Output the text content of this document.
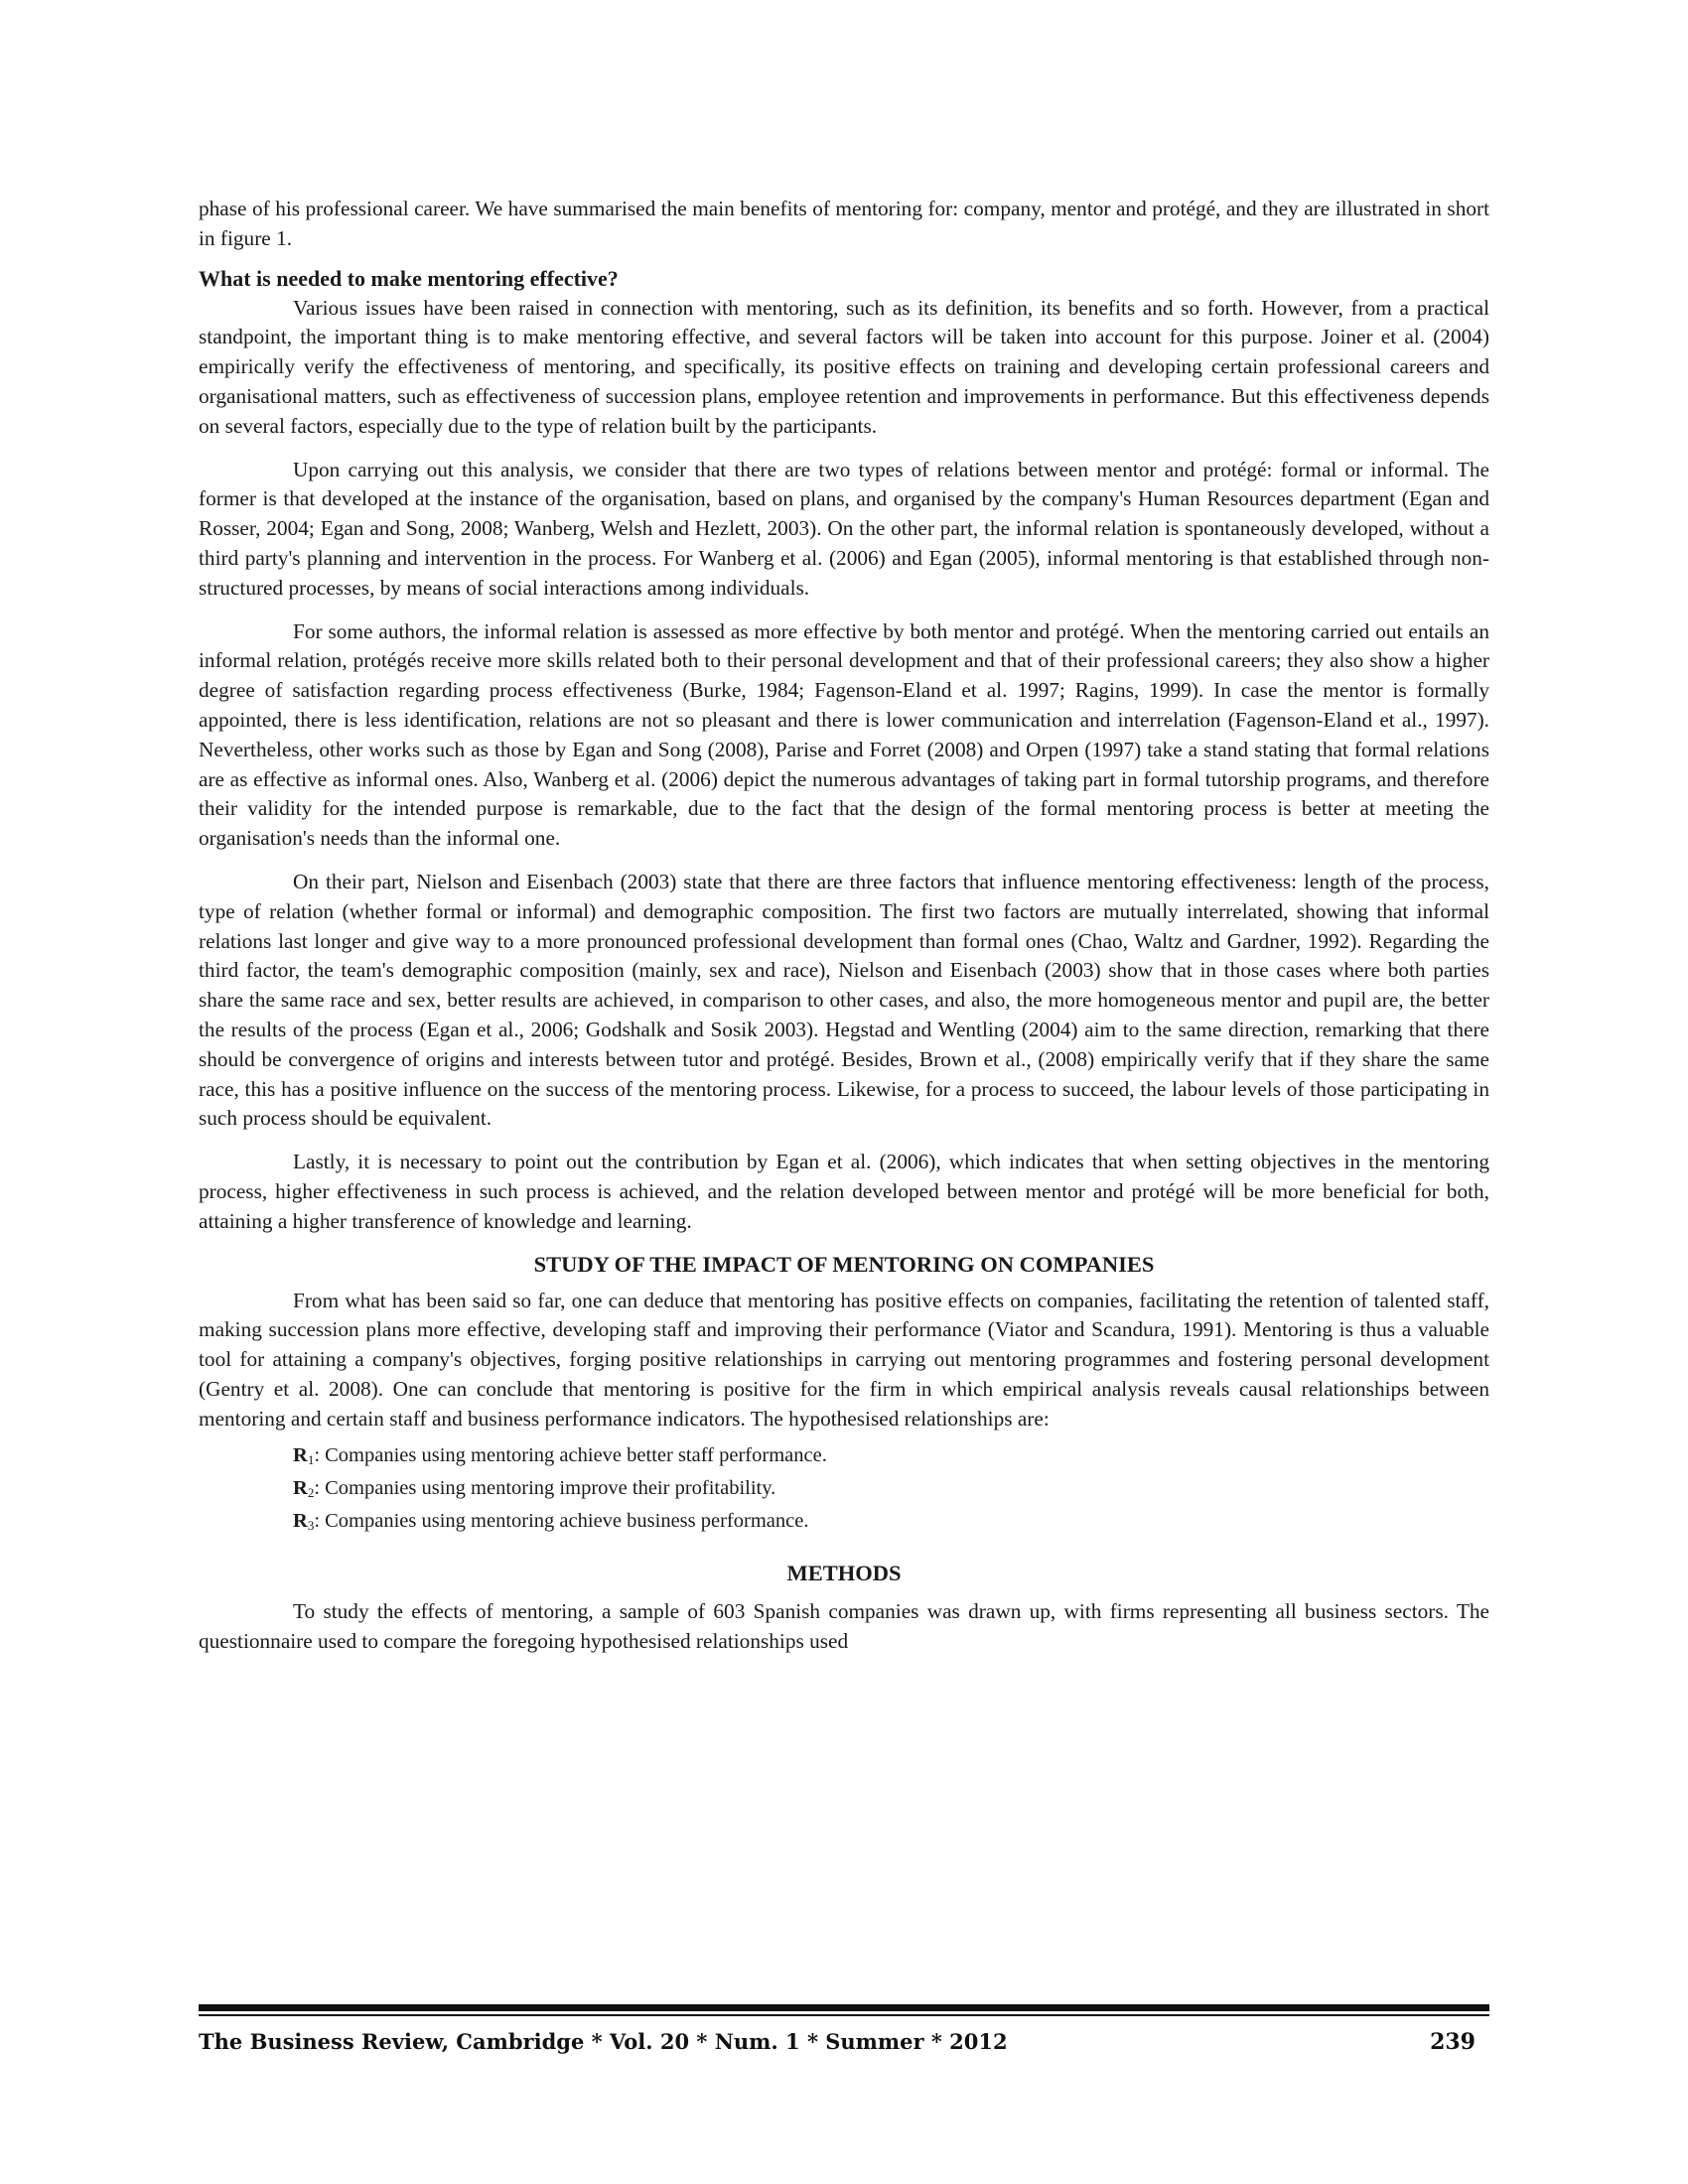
phase of his professional career. We have summarised the main benefits of mentoring for: company, mentor and protégé, and they are illustrated in short in figure 1.

What is needed to make mentoring effective?

Various issues have been raised in connection with mentoring, such as its definition, its benefits and so forth. However, from a practical standpoint, the important thing is to make mentoring effective, and several factors will be taken into account for this purpose. Joiner et al. (2004) empirically verify the effectiveness of mentoring, and specifically, its positive effects on training and developing certain professional careers and organisational matters, such as effectiveness of succession plans, employee retention and improvements in performance. But this effectiveness depends on several factors, especially due to the type of relation built by the participants.

Upon carrying out this analysis, we consider that there are two types of relations between mentor and protégé: formal or informal. The former is that developed at the instance of the organisation, based on plans, and organised by the company's Human Resources department (Egan and Rosser, 2004; Egan and Song, 2008; Wanberg, Welsh and Hezlett, 2003). On the other part, the informal relation is spontaneously developed, without a third party's planning and intervention in the process. For Wanberg et al. (2006) and Egan (2005), informal mentoring is that established through non-structured processes, by means of social interactions among individuals.

For some authors, the informal relation is assessed as more effective by both mentor and protégé. When the mentoring carried out entails an informal relation, protégés receive more skills related both to their personal development and that of their professional careers; they also show a higher degree of satisfaction regarding process effectiveness (Burke, 1984; Fagenson-Eland et al. 1997; Ragins, 1999). In case the mentor is formally appointed, there is less identification, relations are not so pleasant and there is lower communication and interrelation (Fagenson-Eland et al., 1997). Nevertheless, other works such as those by Egan and Song (2008), Parise and Forret (2008) and Orpen (1997) take a stand stating that formal relations are as effective as informal ones. Also, Wanberg et al. (2006) depict the numerous advantages of taking part in formal tutorship programs, and therefore their validity for the intended purpose is remarkable, due to the fact that the design of the formal mentoring process is better at meeting the organisation's needs than the informal one.

On their part, Nielson and Eisenbach (2003) state that there are three factors that influence mentoring effectiveness: length of the process, type of relation (whether formal or informal) and demographic composition. The first two factors are mutually interrelated, showing that informal relations last longer and give way to a more pronounced professional development than formal ones (Chao, Waltz and Gardner, 1992). Regarding the third factor, the team's demographic composition (mainly, sex and race), Nielson and Eisenbach (2003) show that in those cases where both parties share the same race and sex, better results are achieved, in comparison to other cases, and also, the more homogeneous mentor and pupil are, the better the results of the process (Egan et al., 2006; Godshalk and Sosik 2003). Hegstad and Wentling (2004) aim to the same direction, remarking that there should be convergence of origins and interests between tutor and protégé. Besides, Brown et al., (2008) empirically verify that if they share the same race, this has a positive influence on the success of the mentoring process. Likewise, for a process to succeed, the labour levels of those participating in such process should be equivalent.

Lastly, it is necessary to point out the contribution by Egan et al. (2006), which indicates that when setting objectives in the mentoring process, higher effectiveness in such process is achieved, and the relation developed between mentor and protégé will be more beneficial for both, attaining a higher transference of knowledge and learning.

STUDY OF THE IMPACT OF MENTORING ON COMPANIES

From what has been said so far, one can deduce that mentoring has positive effects on companies, facilitating the retention of talented staff, making succession plans more effective, developing staff and improving their performance (Viator and Scandura, 1991). Mentoring is thus a valuable tool for attaining a company's objectives, forging positive relationships in carrying out mentoring programmes and fostering personal development (Gentry et al. 2008). One can conclude that mentoring is positive for the firm in which empirical analysis reveals causal relationships between mentoring and certain staff and business performance indicators. The hypothesised relationships are:

$R_1$: Companies using mentoring achieve better staff performance.
$R_2$: Companies using mentoring improve their profitability.
$R_3$: Companies using mentoring achieve business performance.
METHODS

To study the effects of mentoring, a sample of 603 Spanish companies was drawn up, with firms representing all business sectors. The questionnaire used to compare the foregoing hypothesised relationships used

The Business Review, Cambridge * Vol. 20 * Num. 1 * Summer * 2012	239
